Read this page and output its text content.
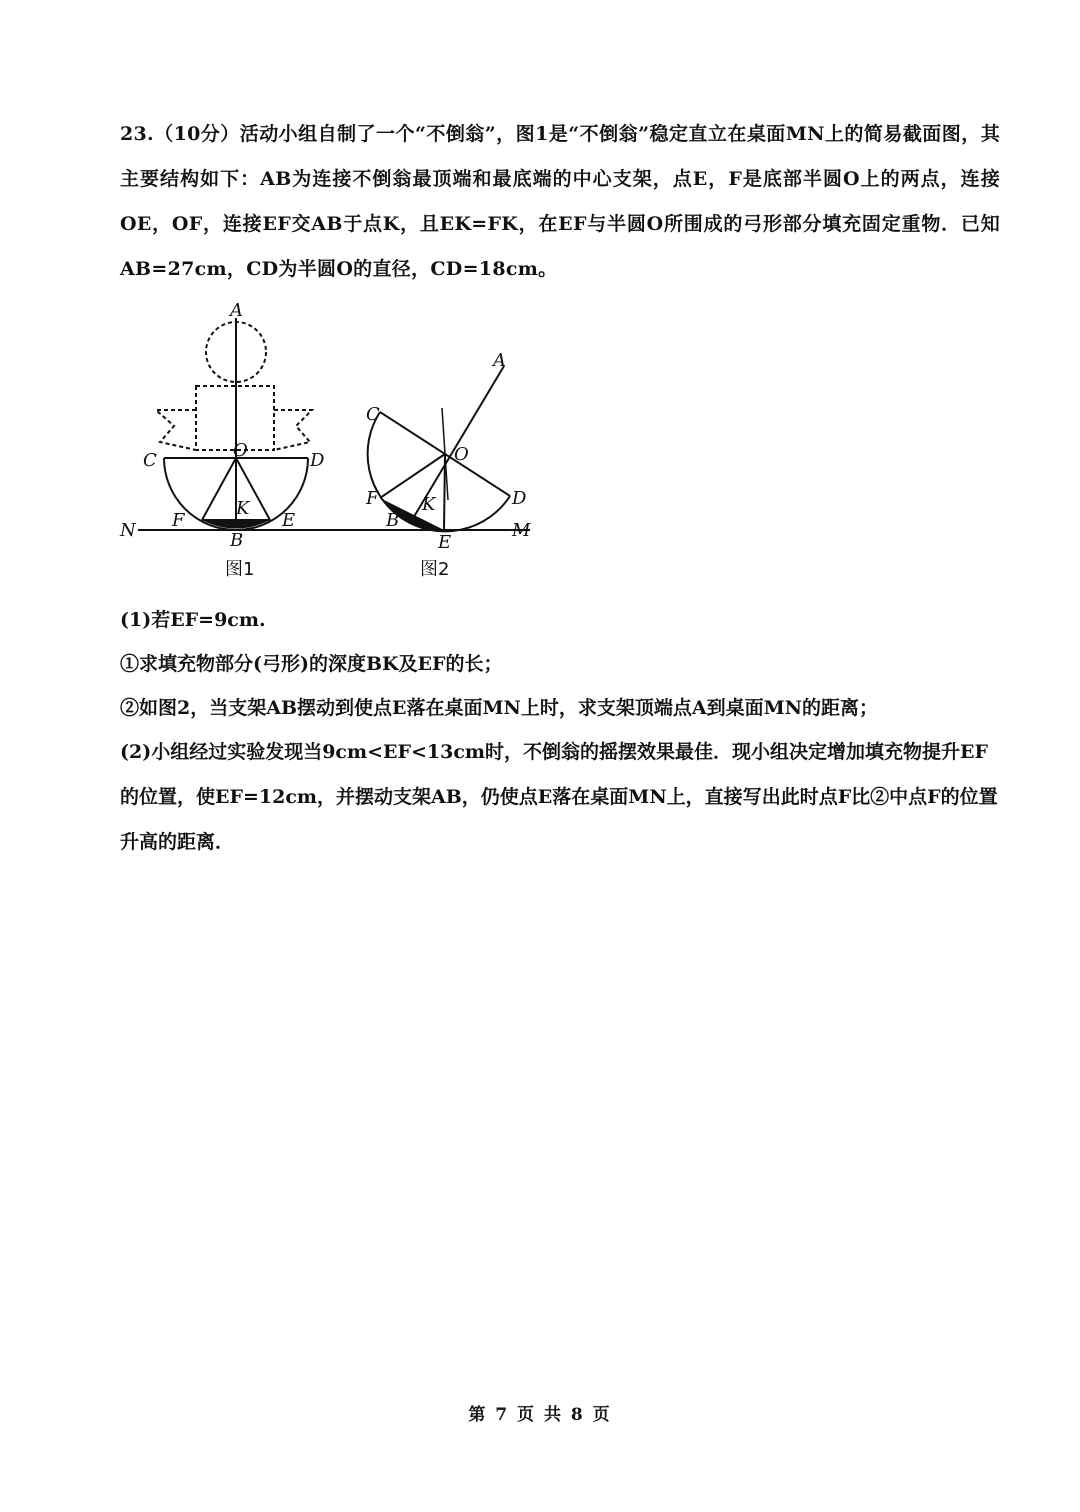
23.（10分）活动小组自制了一个“不倒翁”，图1是“不倒翁”稳定直立在桌面MN上的简易截面图，其主要结构如下：AB为连接不倒翁最顶端和最底端的中心支架，点E，F是底部半圆O上的两点，连接OE，OF，连接EF交AB于点K，且EK=FK，在EF与半圆O所围成的弓形部分填充固定重物．已知AB=27cm，CD为半圆O的直径，CD=18cm。
A
C	D
O
K
F	E
B
N
A
C
O
F K
B
D
E
M
图1	图2
(1)若EF=9cm.
①求填充物部分(弓形)的深度BK及EF的长；
②如图2，当支架AB摆动到使点E落在桌面MN上时，求支架顶端点A到桌面MN的距离；
(2)小组经过实验发现当9cm<EF<13cm时，不倒翁的摇摆效果最佳．现小组决定增加填充物提升EF的位置，使EF=12cm，并摆动支架AB，仍使点E落在桌面MN上，直接写出此时点F比②中点F的位置升高的距离．
第 7 页 共 8 页
